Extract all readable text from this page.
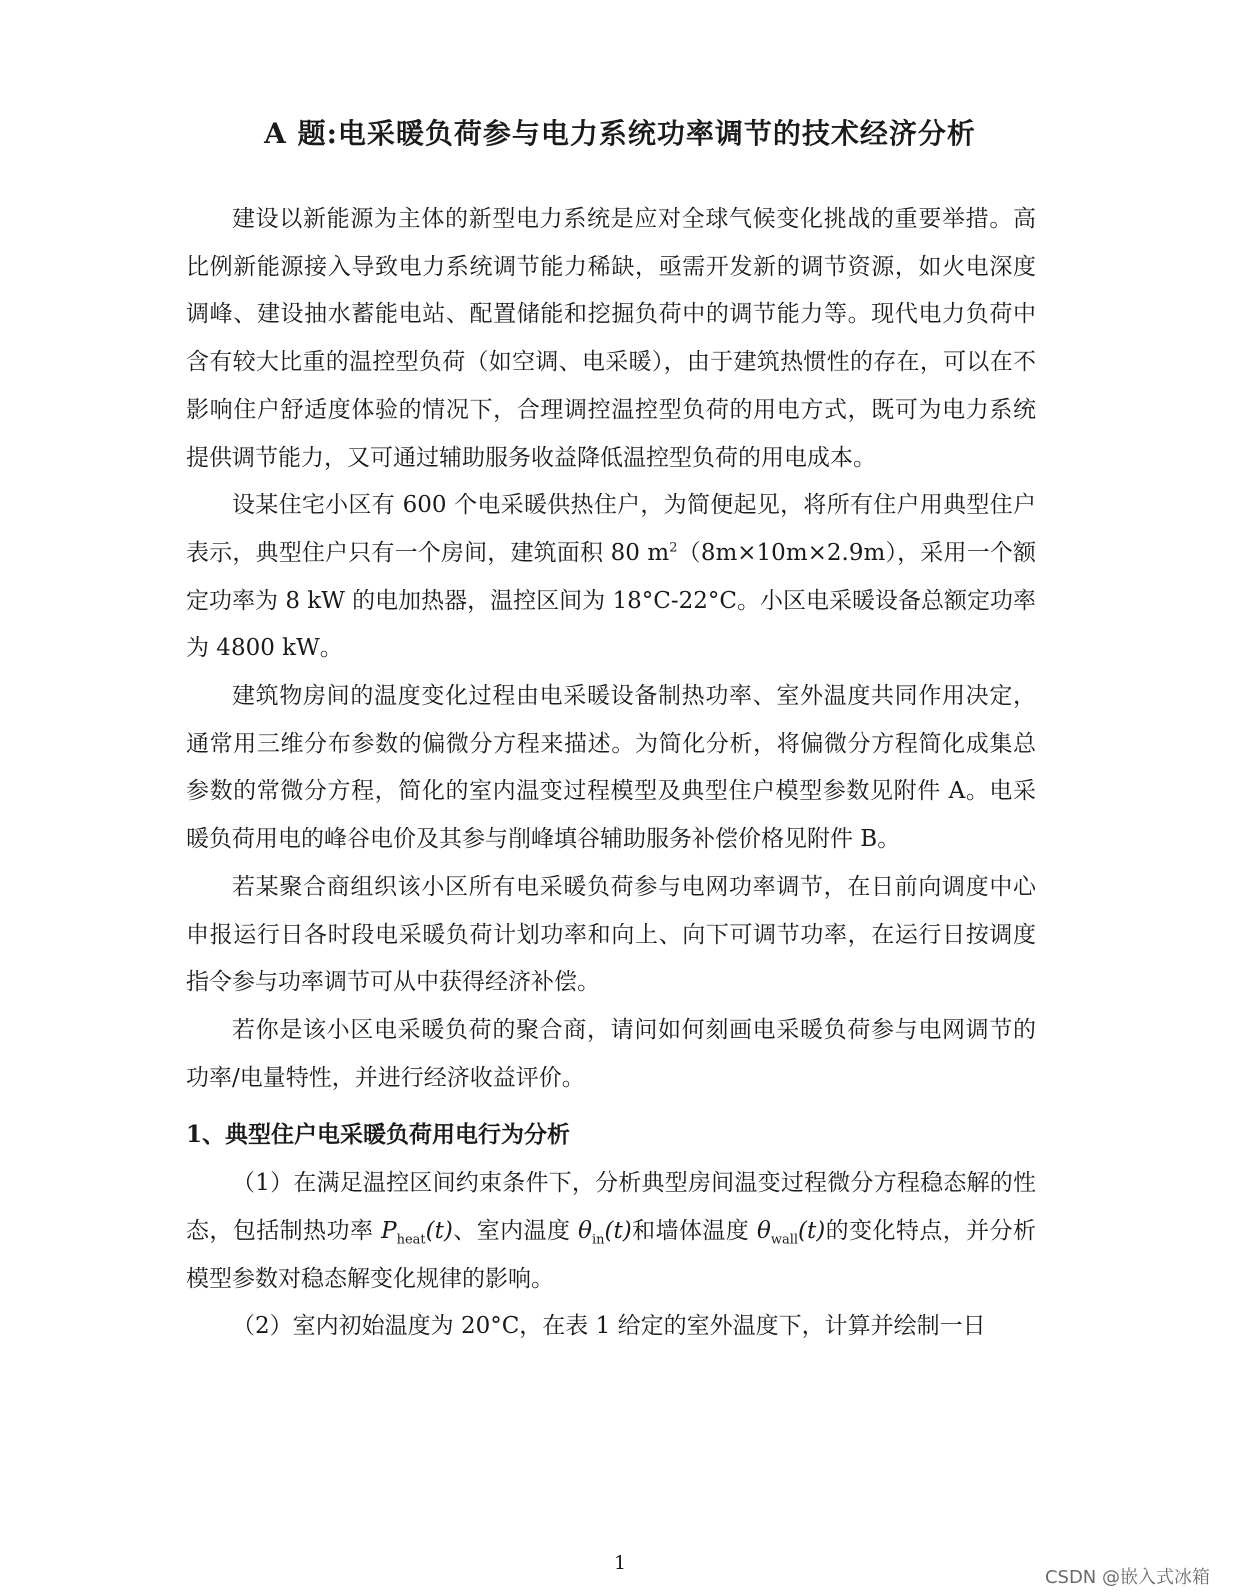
A 题:电采暖负荷参与电力系统功率调节的技术经济分析

建设以新能源为主体的新型电力系统是应对全球气候变化挑战的重要举措。高比例新能源接入导致电力系统调节能力稀缺，亟需开发新的调节资源，如火电深度调峰、建设抽水蓄能电站、配置储能和挖掘负荷中的调节能力等。现代电力负荷中含有较大比重的温控型负荷（如空调、电采暖），由于建筑热惯性的存在，可以在不影响住户舒适度体验的情况下，合理调控温控型负荷的用电方式，既可为电力系统提供调节能力，又可通过辅助服务收益降低温控型负荷的用电成本。

设某住宅小区有 600 个电采暖供热住户，为简便起见，将所有住户用典型住户表示，典型住户只有一个房间，建筑面积 80 $m^2(8m\times 10m\times 2.9m)$，采用一个额定功率为 8 kW 的电加热器，温控区间为 18°C-22°C。小区电采暖设备总额定功率为 4800 kW。

建筑物房间的温度变化过程由电采暖设备制热功率、室外温度共同作用决定，通常用三维分布参数的偏微分方程来描述。为简化分析，将偏微分方程简化成集总参数的常微分方程，简化的室内温变过程模型及典型住户模型参数见附件 A。电采暖负荷用电的峰谷电价及其参与削峰填谷辅助服务补偿价格见附件 B。

若某聚合商组织该小区所有电采暖负荷参与电网功率调节，在日前向调度中心申报运行日各时段电采暖负荷计划功率和向上、向下可调节功率，在运行日按调度指令参与功率调节可从中获得经济补偿。

若你是该小区电采暖负荷的聚合商，请问如何刻画电采暖负荷参与电网调节的功率/电量特性，并进行经济收益评价。

1、典型住户电采暖负荷用电行为分析

（1）在满足温控区间约束条件下，分析典型房间温变过程微分方程稳态解的性态，包括制热功率 $P_{heat}(t)$、室内温度 $\theta_{in}(t)$和墙体温度 $\theta_{wall}(t)$的变化特点，并分析模型参数对稳态解变化规律的影响。

（2）室内初始温度为 20°C，在表 1 给定的室外温度下，计算并绘制一日

1
CSDN @嵌入式冰箱
